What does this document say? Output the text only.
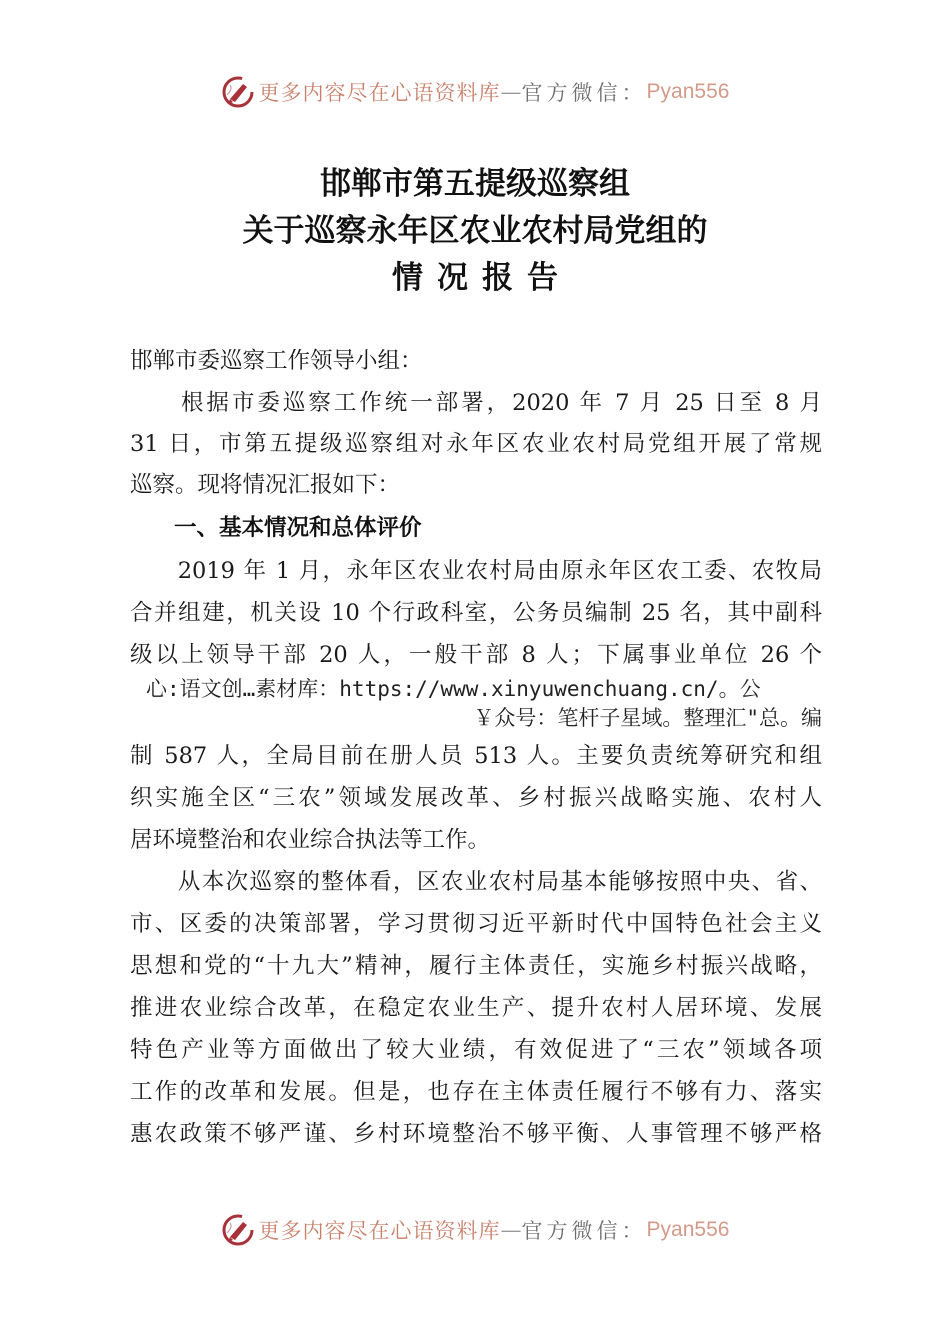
更多内容尽在心语资料库 — 官方微信： Pyan556
邯郸市第五提级巡察组
关于巡察永年区农业农村局党组的
情况报告
邯郸市委巡察工作领导小组：
　　根据市委巡察工作统一部署，2020 年 7 月 25 日至 8 月
31 日，市第五提级巡察组对永年区农业农村局党组开展了常规
巡察。现将情况汇报如下：
一、基本情况和总体评价
　　2019 年 1 月，永年区农业农村局由原永年区农工委、农牧局
合并组建，机关设 10 个行政科室，公务员编制 25 名，其中副科
级以上领导干部 20 人，一般干部 8 人；下属事业单位 26 个
心:语文创…素材库：https://www.xinyuwenchuang.cn/。公
￥众号：笔杆子星域。整理汇"总。编
制 587 人，全局目前在册人员 513 人。主要负责统筹研究和组
织实施全区“三农”领域发展改革、乡村振兴战略实施、农村人
居环境整治和农业综合执法等工作。
　　从本次巡察的整体看，区农业农村局基本能够按照中央、省、
市、区委的决策部署，学习贯彻习近平新时代中国特色社会主义
思想和党的“十九大”精神，履行主体责任，实施乡村振兴战略，
推进农业综合改革，在稳定农业生产、提升农村人居环境、发展
特色产业等方面做出了较大业绩，有效促进了“三农”领域各项
工作的改革和发展。但是，也存在主体责任履行不够有力、落实
惠农政策不够严谨、乡村环境整治不够平衡、人事管理不够严格
更多内容尽在心语资料库 — 官方微信： Pyan556
